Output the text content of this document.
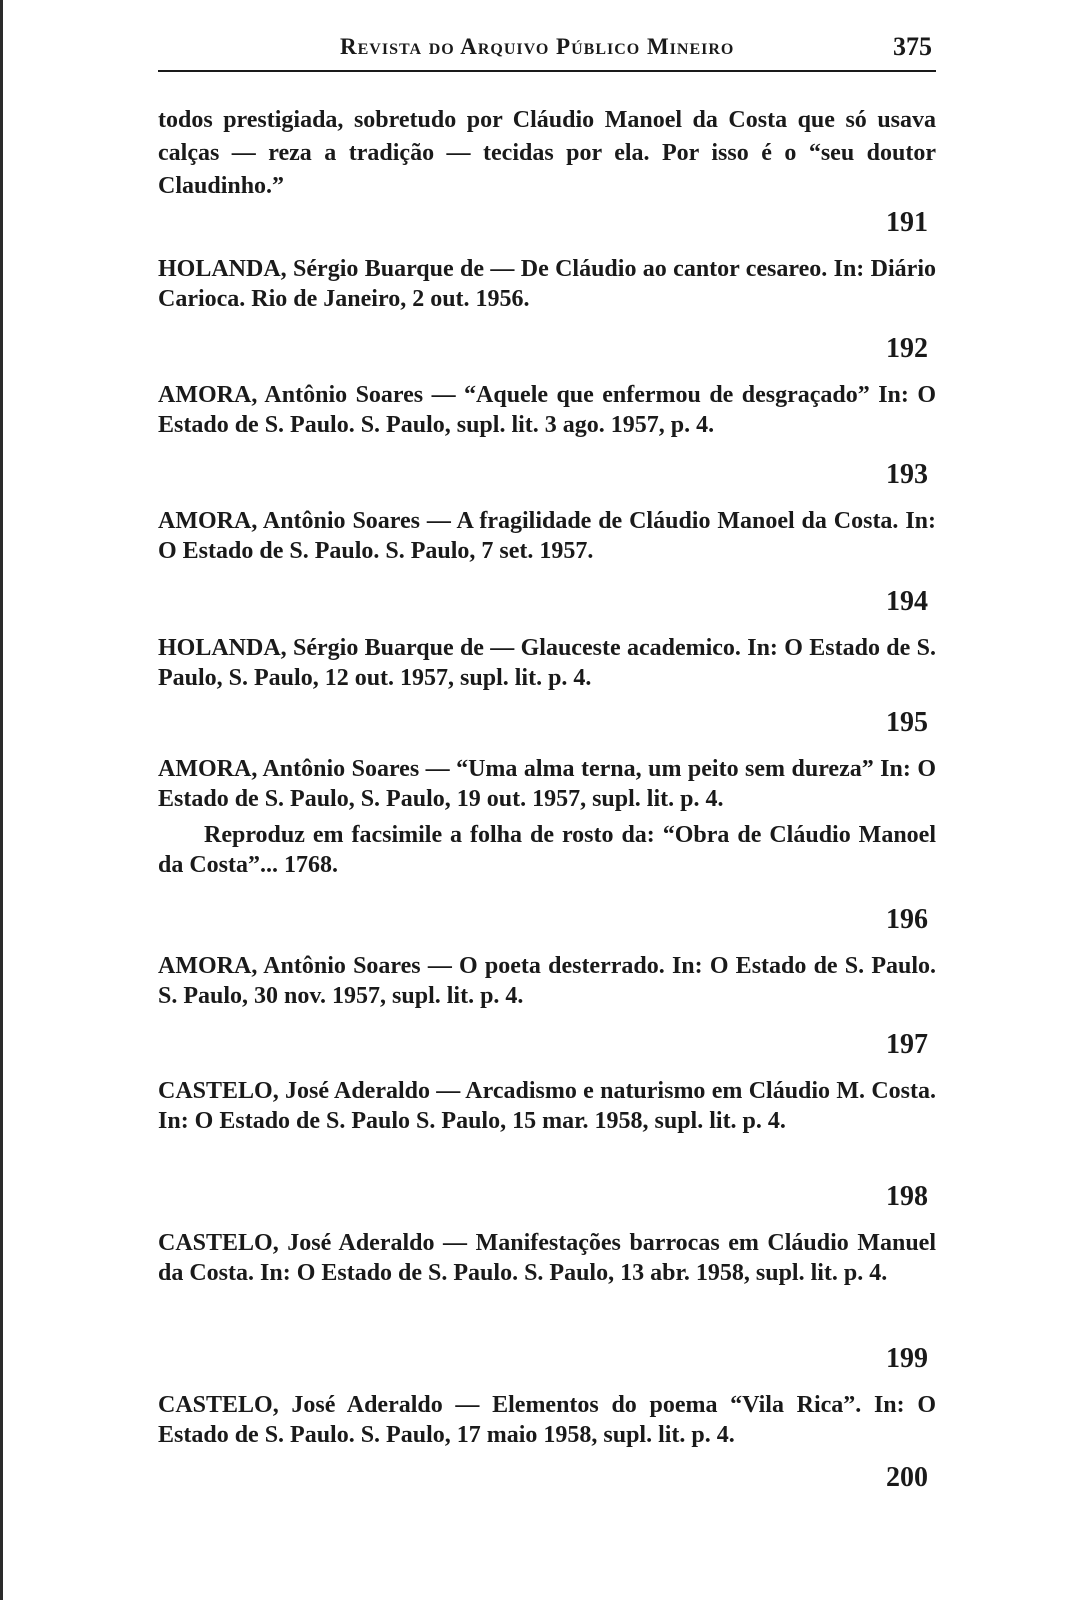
Revista do Arquivo Público Mineiro	375

todos prestigiada, sobretudo por Cláudio Manoel da Costa que só usava calças — reza a tradição — tecidas por ela. Por isso é o “seu doutor Claudinho.”

191

HOLANDA, Sérgio Buarque de — De Cláudio ao cantor cesareo. In: Diário Carioca. Rio de Janeiro, 2 out. 1956.

192

AMORA, Antônio Soares — “Aquele que enfermou de desgraçado” In: O Estado de S. Paulo. S. Paulo, supl. lit. 3 ago. 1957, p. 4.

193

AMORA, Antônio Soares — A fragilidade de Cláudio Manoel da Costa. In: O Estado de S. Paulo. S. Paulo, 7 set. 1957.

194

HOLANDA, Sérgio Buarque de — Glauceste academico. In: O Estado de S. Paulo, S. Paulo, 12 out. 1957, supl. lit. p. 4.

195

AMORA, Antônio Soares — “Uma alma terna, um peito sem dureza” In: O Estado de S. Paulo, S. Paulo, 19 out. 1957, supl. lit. p. 4.

Reproduz em facsimile a folha de rosto da: “Obra de Cláudio Manoel da Costa”... 1768.

196

AMORA, Antônio Soares — O poeta desterrado. In: O Estado de S. Paulo. S. Paulo, 30 nov. 1957, supl. lit. p. 4.

197

CASTELO, José Aderaldo — Arcadismo e naturismo em Cláudio M. Costa. In: O Estado de S. Paulo S. Paulo, 15 mar. 1958, supl. lit. p. 4.

198

CASTELO, José Aderaldo — Manifestações barrocas em Cláudio Manuel da Costa. In: O Estado de S. Paulo. S. Paulo, 13 abr. 1958, supl. lit. p. 4.

199

CASTELO, José Aderaldo — Elementos do poema “Vila Rica”. In: O Estado de S. Paulo. S. Paulo, 17 maio 1958, supl. lit. p. 4.

200
